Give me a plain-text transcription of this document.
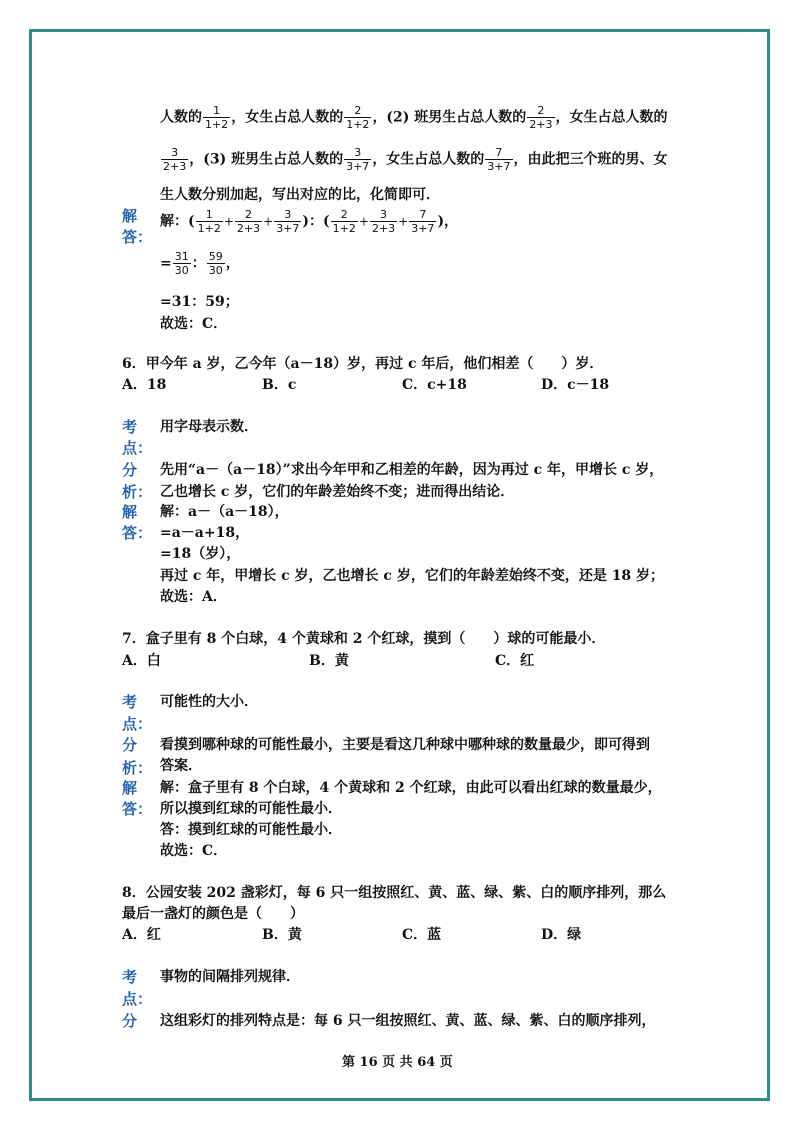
人数的 $\frac{1}{1+2}$ ，女生占总人数的 $\frac{2}{1+2}$ ，(2) 班男生占总人数的 $\frac{2}{2+3}$ ，女生占总人数的
$\frac{3}{2+3}$ ，(3) 班男生占总人数的 $\frac{3}{3+7}$ ，女生占总人数的 $\frac{7}{3+7}$ ，由此把三个班的男、女
生人数分别加起，写出对应的比，化简即可．
解
答：
解：( $\frac{1}{1+2} + \frac{2}{2+3} + \frac{3}{3+7}$ )：( $\frac{2}{1+2} + \frac{3}{2+3} + \frac{7}{3+7}$ )，
= $\frac{31}{30}$ ： $\frac{59}{30}$ ，
=31：59；
故选：C．
6．甲今年 a 岁，乙今年（a－18）岁，再过 c 年后，他们相差（　　）岁．
A．18	B．c	C．c+18	D．c－18
考
点：
用字母表示数．
分
析：
先用“a－（a－18）”求出今年甲和乙相差的年龄，因为再过 c 年，甲增长 c 岁，
乙也增长 c 岁，它们的年龄差始终不变；进而得出结论．
解
答：
解：a－（a－18），
=a－a+18，
=18（岁），
再过 c 年，甲增长 c 岁，乙也增长 c 岁，它们的年龄差始终不变，还是 18 岁；
故选：A．
7．盒子里有 8 个白球，4 个黄球和 2 个红球，摸到（　　）球的可能最小．
A．白	B．黄	C．红
考
点：
可能性的大小．
分
析：
看摸到哪种球的可能性最小，主要是看这几种球中哪种球的数量最少，即可得到
答案．
解
答：
解：盒子里有 8 个白球，4 个黄球和 2 个红球，由此可以看出红球的数量最少，
所以摸到红球的可能性最小．
答：摸到红球的可能性最小．
故选：C．
8．公园安装 202 盏彩灯，每 6 只一组按照红、黄、蓝、绿、紫、白的顺序排列，那么
最后一盏灯的颜色是（　　）
A．红	B．黄	C．蓝	D．绿
考
点：
事物的间隔排列规律．
分 这组彩灯的排列特点是：每 6 只一组按照红、黄、蓝、绿、紫、白的顺序排列，
第 16 页 共 64 页
